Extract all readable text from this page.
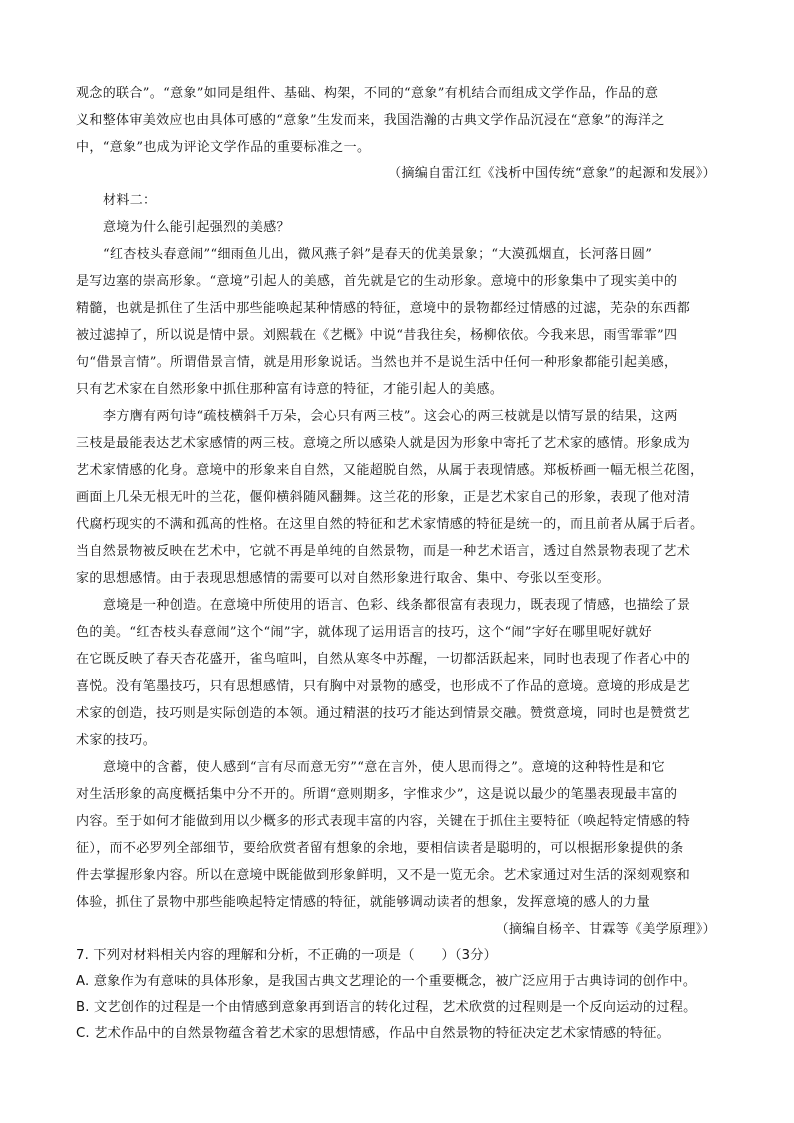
观念的联合”。“意象”如同是组件、基础、构架，不同的“意象”有机结合而组成文学作品，作品的意
义和整体审美效应也由具体可感的“意象”生发而来，我国浩瀚的古典文学作品沉浸在“意象”的海洋之
中，“意象”也成为评论文学作品的重要标准之一。
（摘编自雷江红《浅析中国传统“意象”的起源和发展》）
材料二：
意境为什么能引起强烈的美感？
“红杏枝头春意闹”“细雨鱼儿出，微风燕子斜”是春天的优美景象；“大漠孤烟直，长河落日圆”
是写边塞的崇高形象。“意境”引起人的美感，首先就是它的生动形象。意境中的形象集中了现实美中的
精髓，也就是抓住了生活中那些能唤起某种情感的特征，意境中的景物都经过情感的过滤，芜杂的东西都
被过滤掉了，所以说是情中景。刘熙载在《艺概》中说“昔我往矣，杨柳依依。今我来思，雨雪霏霏”四
句“借景言情”。所谓借景言情，就是用形象说话。当然也并不是说生活中任何一种形象都能引起美感，
只有艺术家在自然形象中抓住那种富有诗意的特征，才能引起人的美感。
李方膺有两句诗“疏枝横斜千万朵，会心只有两三枝”。这会心的两三枝就是以情写景的结果，这两
三枝是最能表达艺术家感情的两三枝。意境之所以感染人就是因为形象中寄托了艺术家的感情。形象成为
艺术家情感的化身。意境中的形象来自自然，又能超脱自然，从属于表现情感。郑板桥画一幅无根兰花图，
画面上几朵无根无叶的兰花，偃仰横斜随风翻舞。这兰花的形象，正是艺术家自己的形象，表现了他对清
代腐朽现实的不满和孤高的性格。在这里自然的特征和艺术家情感的特征是统一的，而且前者从属于后者。
当自然景物被反映在艺术中，它就不再是单纯的自然景物，而是一种艺术语言，透过自然景物表现了艺术
家的思想感情。由于表现思想感情的需要可以对自然形象进行取舍、集中、夸张以至变形。
意境是一种创造。在意境中所使用的语言、色彩、线条都很富有表现力，既表现了情感，也描绘了景
色的美。“红杏枝头春意闹”这个“闹”字，就体现了运用语言的技巧，这个“闹”字好在哪里呢好就好
在它既反映了春天杏花盛开，雀鸟喧叫，自然从寒冬中苏醒，一切都活跃起来，同时也表现了作者心中的
喜悦。没有笔墨技巧，只有思想感情，只有胸中对景物的感受，也形成不了作品的意境。意境的形成是艺
术家的创造，技巧则是实际创造的本领。通过精湛的技巧才能达到情景交融。赞赏意境，同时也是赞赏艺
术家的技巧。
意境中的含蓄，使人感到“言有尽而意无穷”“意在言外，使人思而得之”。意境的这种特性是和它
对生活形象的高度概括集中分不开的。所谓“意则期多，字惟求少”，这是说以最少的笔墨表现最丰富的
内容。至于如何才能做到用以少概多的形式表现丰富的内容，关键在于抓住主要特征（唤起特定情感的特
征），而不必罗列全部细节，要给欣赏者留有想象的余地，要相信读者是聪明的，可以根据形象提供的条
件去掌握形象内容。所以在意境中既能做到形象鲜明，又不是一览无余。艺术家通过对生活的深刻观察和
体验，抓住了景物中那些能唤起特定情感的特征，就能够调动读者的想象，发挥意境的感人的力量
（摘编自杨辛、甘霖等《美学原理》）
7. 下列对材料相关内容的理解和分析，不正确的一项是（　　）（3分）
A. 意象作为有意味的具体形象，是我国古典文艺理论的一个重要概念，被广泛应用于古典诗词的创作中。
B. 文艺创作的过程是一个由情感到意象再到语言的转化过程，艺术欣赏的过程则是一个反向运动的过程。
C. 艺术作品中的自然景物蕴含着艺术家的思想情感，作品中自然景物的特征决定艺术家情感的特征。
